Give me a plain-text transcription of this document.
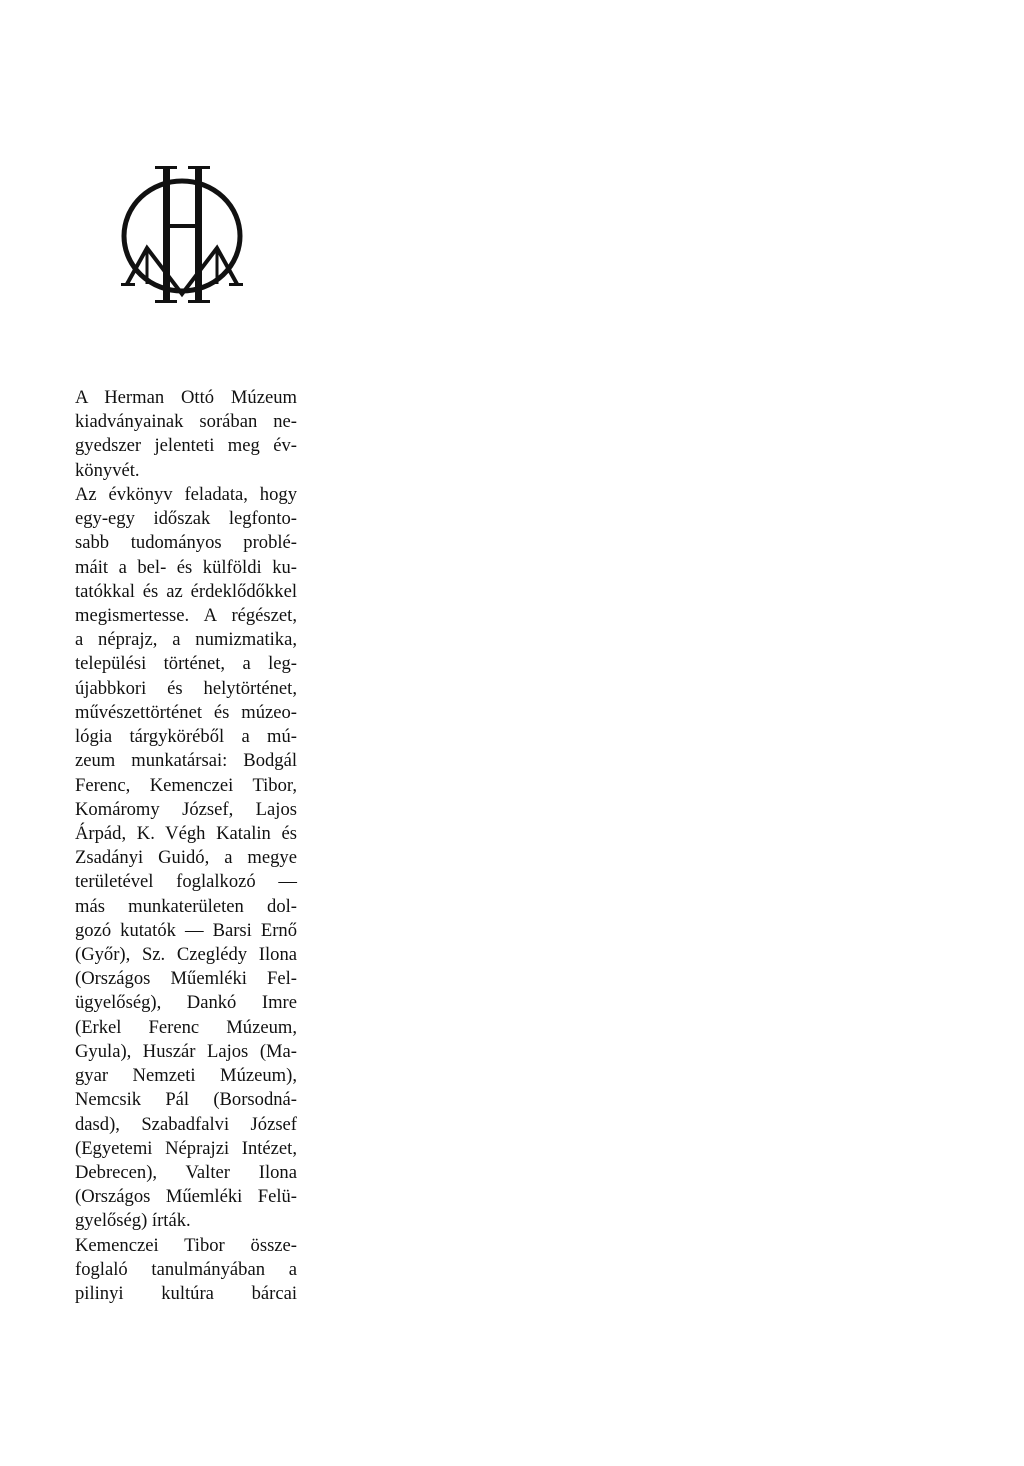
A Herman Ottó Múzeum
kiadványainak sorában ne-
gyedszer jelenteti meg év-
könyvét.
Az évkönyv feladata, hogy
egy-egy időszak legfonto-
sabb tudományos problé-
máit a bel- és külföldi ku-
tatókkal és az érdeklődőkkel
megismertesse. A régészet,
a néprajz, a numizmatika,
települési történet, a leg-
újabbkori és helytörténet,
művészettörténet és múzeo-
lógia tárgyköréből a mú-
zeum munkatársai: Bodgál
Ferenc, Kemenczei Tibor,
Komáromy József, Lajos
Árpád, K. Végh Katalin és
Zsadányi Guidó, a megye
területével foglalkozó —
más munkaterületen dol-
gozó kutatók — Barsi Ernő
(Győr), Sz. Czeglédy Ilona
(Országos Műemléki Fel-
ügyelőség), Dankó Imre
(Erkel Ferenc Múzeum,
Gyula), Huszár Lajos (Ma-
gyar Nemzeti Múzeum),
Nemcsik Pál (Borsodná-
dasd), Szabadfalvi József
(Egyetemi Néprajzi Intézet,
Debrecen), Valter Ilona
(Országos Műemléki Felü-
gyelőség) írták.
Kemenczei Tibor össze-
foglaló tanulmányában a
pilinyi kultúra bárcai
